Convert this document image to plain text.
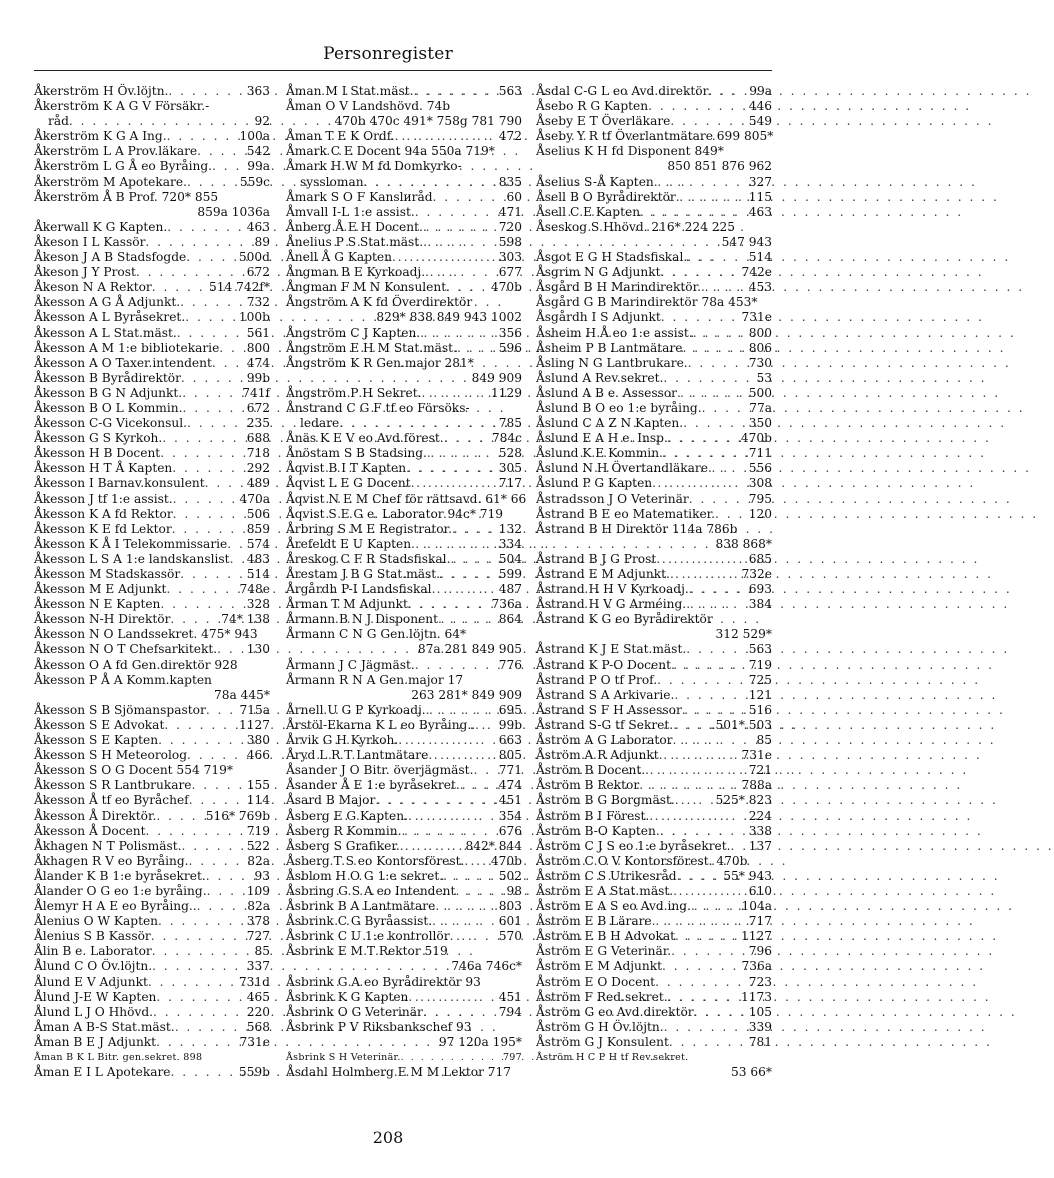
Personregister
Åkerström H Öv.löjtn. . . .	363
Åkerström K A G V Försäkr.-
råd . . .	92
Åkerström K G A Ing. . . .	100a
Åkerström L A Prov.läkare . . .	542
Åkerström L G Å eo Byråing. . . .	99a
Åkerström M Apotekare. . . .	559c
Åkerström Å B Prof. 720* 855
859a 1036a
Åkerwall K G Kapten. . . .	463
Åkeson I L Kassör . . .	89
Åkeson J A B Stadsfogde . . .	500d
Åkeson J Y Prost . . .	672
Åkeson N A Rektor . . .	514 742f*
Åkesson A G Å Adjunkt. . . .	732
Åkesson A L Byråsekret. . . .	100b
Åkesson A L Stat.mäst. . . .	561
Åkesson A M 1:e bibliotekarie . . . 800
Åkesson A O Taxer.intendent . . .	474
Åkesson B Byrådirektör . . .	99b
Åkesson B G N Adjunkt. . . .	741f
Åkesson B O L Kommin. . . .	672
Åkesson C-G Vicekonsul. . . .	235
Åkesson G S Kyrkoh. . . .	688
Åkesson H B Docent . . .	718
Åkesson H T Å Kapten . . .	292
Åkesson I Barnav.konsulent . . .	489
Åkesson J tf 1:e assist. . . .	470a
Åkesson K A fd Rektor . . .	506
Åkesson K E fd Lektor . . .	859
Åkesson K Å I Telekommissarie . . . 574
Åkesson L S A 1:e landskanslist . . . 483
Åkesson M Stadskassör . . .	514
Åkesson M E Adjunkt . . .	748e
Åkesson N E Kapten . . .	328
Åkesson N-H Direktör . . .	74* 138
Åkesson N O Landssekret. 475* 943
Åkesson N O T Chefsarkitekt. . . . 130
Åkesson O A fd Gen.direktör 928
Åkesson P Å A Komm.kapten
78a 445*
Åkesson S B Sjömanspastor . . .	715a
Åkesson S E Advokat . . .	1127
Åkesson S E Kapten . . .	380
Åkesson S H Meteorolog . . .	466
Åkesson S O G Docent 554 719*
Åkesson S R Lantbrukare . . .	155
Åkesson Å tf eo Byråchef . . .	114
Åkesson Å Direktör. . . .	516* 769b
Åkesson Å Docent . . .	719
Åkhagen N T Polismäst. . . .	522
Åkhagen R V eo Byråing. . . .	82a
Ålander K B 1:e byråsekret. . . .	93
Ålander O G eo 1:e byråing. . . .	109
Ålemyr H A E eo Byråing.. . . .	82a
Ålenius O W Kapten . . .	378
Ålenius S B Kassör . . .	727
Ålin B e. Laborator . . .	85
Ålund C O Öv.löjtn. . . .	337
Ålund E V Adjunkt . . .	731d
Ålund J-E W Kapten . . .	465
Ålund L J O Hhövd. . . .	220
Åman A B-S Stat.mäst. . . .	568
Åman B E J Adjunkt . . .	731e
Åman B K L Bitr. gen.sekret. 898
Åman E I L Apotekare . . .	559b
Åman M I Stat.mäst. . . .	563
Åman O V Landshövd. 74b
470b 470c 491* 758g 781 790
Åman T E K Ordf. . . .	472
Åmark C E Docent 94a 550a 719*
Åmark H W M fd Domkyrko-
syssloman . . .	835
Åmark S O F Kanslиråd . . .	60
Åmvall I-L 1:e assist. . . .	471
Ånberg Å E H Docent. . . .	720
Ånelius P S Stat.mäst. . . .	598
Ånell Å G Kapten . . .	303
Ångman B E Kyrkoadj. . . .	677
Ångman F M N Konsulent . . .	470b
Ångström A K fd Överdirektör
829* 838 849 943 1002
Ångström C J Kapten. . . .	356
Ångström E H M Stat.mäst. . . .	596
Ångström K R Gen.major 281*
849 909
Ångström P H Sekret. . . .	1129
Ånstrand C G F tf eo Försöks-
ledare . . .	785
Ånäs K E V eo Avd.förest. . . .	784c
Ånöstam S B Stadsing. . . .	528
Åqvist B I T Kapten . . .	305
Åqvist L E G Docent . . .	717
Åqvist N E M Chef för rättsavd. 61* 66
Åqvist S E G e. Laborator 94c* 719
Årbring S M E Registrator. . . .	132
Årefeldt E U Kapten . . .	334
Åreskog C F R Stadsfiskal. . . .	504
Årestam J B G Stat.mäst. . . .	599
Årgårdh P-I Landsfiskal . . .	487
Årman T M Adjunkt . . .	736a
Årmann B N J Disponent . . .	864
Årmann C N G Gen.löjtn. 64*
87a 281 849 905
Årmann J C Jägmäst. . . .	776
Årmann R N A Gen.major 17
263 281* 849 909
Årnell U G P Kyrkoadj. . . .	695
Årstöl-Ekarna K L eo Byråing.. . . . 99b
Årvik G H Kyrkoh. . . .	663
Åryd L R T Lantmätare . . .	805
Åsander J O Bitr. överjägmäst. . . . 771
Åsander Å E 1:e byråsekret. . . .	474
Åsard B Major . . .	451
Åsberg E G Kapten. . . .	354
Åsberg R Kommin. . . .	676
Åsberg S Grafiker. . . .	842* 844
Åsberg T S eo Kontorsförest. . . . 470b
Åsblom H O G 1:e sekret. . . .	502
Åsbring G S A eo Intendent . . .	98
Åsbrink B A Lantmätare . . .	803
Åsbrink C G Byråassist. . . .	601
Åsbrink C U 1:e kontrollör . . .	570
Åsbrink E M T Rektor 519
746a 746c*
Åsbrink G A eo Byrådirektör 93
Åsbrink K G Kapten . . .	451
Åsbrink O G Veterinär . . .	794
Åsbrink P V Riksbankschef 93
97 120a 195*
Åsbrink S H Veterinär. . . .	797
Åsdahl Holmberg E M M Lektor 717
Åsdal C-G L eo Avd.direktör . . .	99a
Åsebo R G Kapten . . .	446
Åseby E T Överläkare . . .	549
Åseby Y R tf Överlantmätare 699 805*
Åselius K H fd Disponent 849*
850 851 876 962
Åselius S-Å Kapten . . .	327
Åsell B O Byrådirektör . . .	115
Åsell C E Kapten . . .	463
Åseskog S Hhövd. 216* 224 225
547 943
Åsgot E G H Stadsfiskal. . . .	514
Åsgrim N G Adjunkt . . .	742e
Åsgård B H Marindirektör. . . .	453
Åsgård G B Marindirektör 78a 453*
Åsgårdh I S Adjunkt . . .	731e
Åsheim H Å eo 1:e assist. . . .	800
Åsheim P B Lantmätare . . .	806
Åsling N G Lantbrukare. . . .	730
Åslund A Rev.sekret. . . .	53
Åslund A B e. Assessor . . .	500
Åslund B O eo 1:e byråing. . . .	77a
Åslund C A Z N Kapten. . . .	350
Åslund E A H e. Insp. . . .	470b
Åslund K E Kommin. . . .	711
Åslund N H Övertandläkare . . .	556
Åslund P G Kapten . . .	308
Åstradsson J O Veterinär . . .	795
Åstrand B E eo Matematiker. . . .	120
Åstrand B H Direktör 114a 786b
838 868*
Åstrand B J G Prost . . .	685
Åstrand E M Adjunkt. . . .	732e
Åstrand H H V Kyrkoadj. . . .	693
Åstrand H V G Arméing. . . .	384
Åstrand K G eo Byrådirektör
312 529*
Åstrand K J E Stat.mäst. . . .	563
Åstrand K P-O Docent . . .	719
Åstrand P O tf Prof. . . .	725
Åstrand S A Arkivarie. . . .	121
Åstrand S F H Assessor . . .	516
Åstrand S-G tf Sekret. . . .	.501* 503
Åström A G Laborator . . .	85
Åström A R Adjunkt . . .	731e
Åström B Docent. . . .	721
Åström B Rektor . . .	788a
Åström B G Borgmäst. . . .	525* 823
Åström B I Förest. . . .	224
Åström B-O Kapten. . . .	338
Åström C J S eo 1:e byråsekret. . . . 137
Åström C O V Kontorsförest. 470b
Åström C S Utrikesråd . . .	55* 943
Åström E A Stat.mäst. . . .	610
Åström E A S eo Avd.ing. . . .	104a
Åström E B Lärare . . .	717
Åström E B H Advokat . . .	1127
Åström E G Veterinär. . . .	796
Åström E M Adjunkt . . .	736a
Åström E O Docent . . .	723
Åström F Red.sekret. . . .	1173
Åström G eo Avd.direktör . . .	105
Åström G H Öv.löjtn. . . .	339
Åström G J Konsulent . . .	781
Åström H C P H tf Rev.sekret.
53 66*
208
